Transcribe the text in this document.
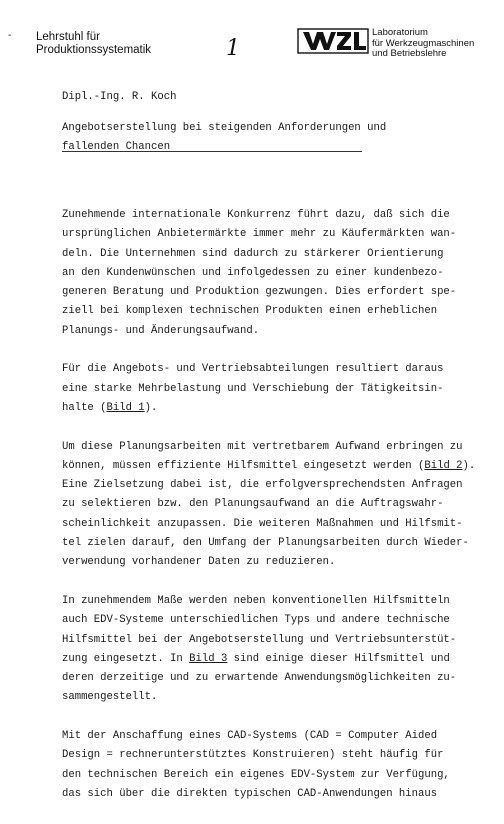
- Lehrstuhl für
Produktionssystematik	1
Laboratorium
für Werkzeugmaschinen
und Betriebslehre
Dipl.-Ing. R. Koch
Angebotserstellung bei steigenden Anforderungen und
fallenden Chancen
Zunehmende internationale Konkurrenz führt dazu, daß sich die
ursprünglichen Anbietermärkte immer mehr zu Käufermärkten wan-
deln. Die Unternehmen sind dadurch zu stärkerer Orientierung
an den Kundenwünschen und infolgedessen zu einer kundenbezo-
generen Beratung und Produktion gezwungen. Dies erfordert spe-
ziell bei komplexen technischen Produkten einen erheblichen
Planungs- und Änderungsaufwand.
Für die Angebots- und Vertriebsabteilungen resultiert daraus
eine starke Mehrbelastung und Verschiebung der Tätigkeitsin-
halte (Bild 1).
Um diese Planungsarbeiten mit vertretbarem Aufwand erbringen zu
können, müssen effiziente Hilfsmittel eingesetzt werden (Bild 2).
Eine Zielsetzung dabei ist, die erfolgversprechendsten Anfragen
zu selektieren bzw. den Planungsaufwand an die Auftragswahr-
scheinlichkeit anzupassen. Die weiteren Maßnahmen und Hilfsmit-
tel zielen darauf, den Umfang der Planungsarbeiten durch Wieder-
verwendung vorhandener Daten zu reduzieren.
In zunehmendem Maße werden neben konventionellen Hilfsmitteln
auch EDV-Systeme unterschiedlichen Typs und andere technische
Hilfsmittel bei der Angebotserstellung und Vertriebsunterstüt-
zung eingesetzt. In Bild 3 sind einige dieser Hilfsmittel und
deren derzeitige und zu erwartende Anwendungsmöglichkeiten zu-
sammengestellt.
Mit der Anschaffung eines CAD-Systems (CAD = Computer Aided
Design = rechnerunterstütztes Konstruieren) steht häufig für
den technischen Bereich ein eigenes EDV-System zur Verfügung,
das sich über die direkten typischen CAD-Anwendungen hinaus
